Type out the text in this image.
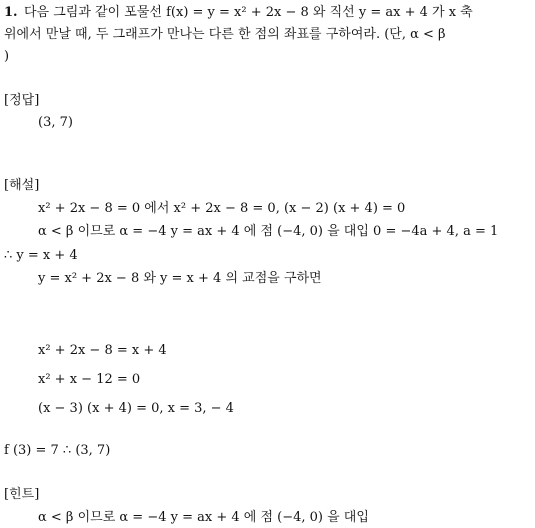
1. 다음 그림과 같이 포물선 f(x) = y = x² + 2x − 8 와 직선 y = ax + 4 가 x 축
위에서 만날 때, 두 그래프가 만나는 다른 한 점의 좌표를 구하여라. (단, α < β
)
[정답]
(3, 7)
[해설]
x² + 2x − 8 = 0 에서 x² + 2x − 8 = 0, (x − 2) (x + 4) = 0
α < β 이므로 α = −4 y = ax + 4 에 점 (−4, 0) 을 대입 0 = −4a + 4, a = 1
∴ y = x + 4
y = x² + 2x − 8 와 y = x + 4 의 교점을 구하면
x² + 2x − 8 = x + 4
x² + x − 12 = 0
(x − 3) (x + 4) = 0, x = 3, − 4
f (3) = 7 ∴ (3, 7)
[힌트]
α < β 이므로 α = −4 y = ax + 4 에 점 (−4, 0) 을 대입
